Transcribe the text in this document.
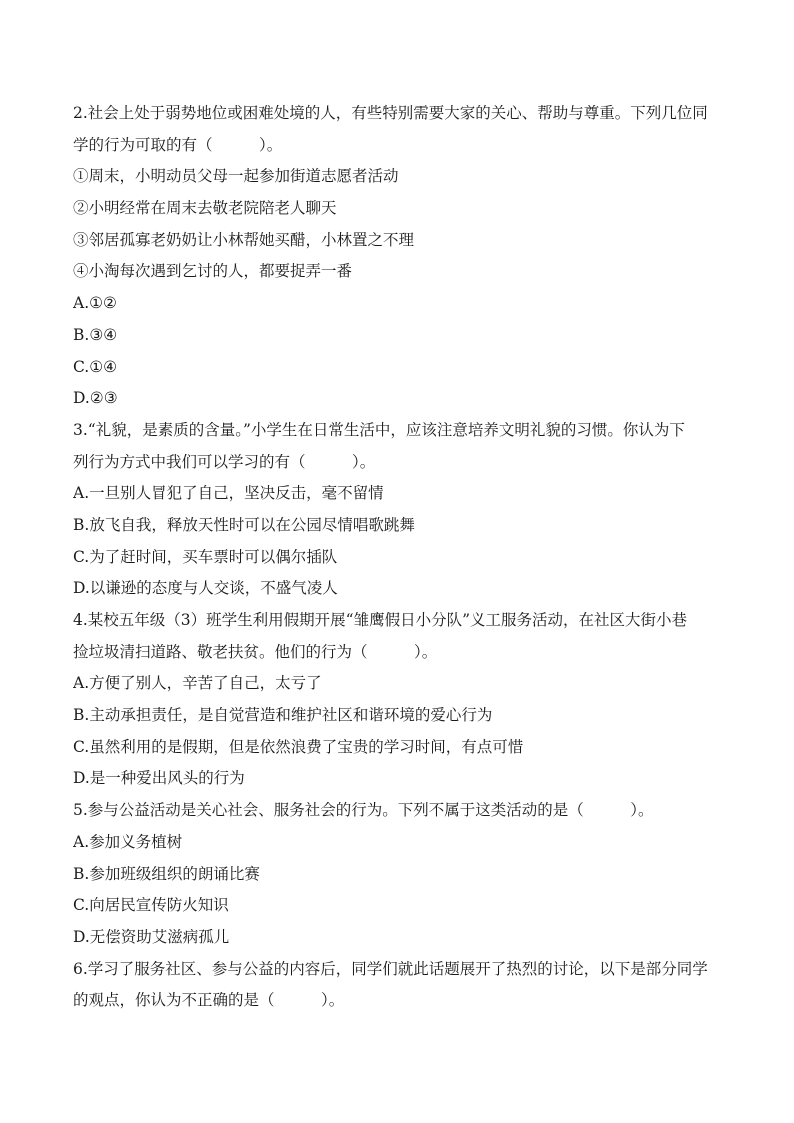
2.社会上处于弱势地位或困难处境的人，有些特别需要大家的关心、帮助与尊重。下列几位同
学的行为可取的有（　　　）。
①周末，小明动员父母一起参加街道志愿者活动
②小明经常在周末去敬老院陪老人聊天
③邻居孤寡老奶奶让小林帮她买醋，小林置之不理
④小淘每次遇到乞讨的人，都要捉弄一番
A.①②
B.③④
C.①④
D.②③
3.“礼貌，是素质的含量。”小学生在日常生活中，应该注意培养文明礼貌的习惯。你认为下
列行为方式中我们可以学习的有（　　　）。
A.一旦别人冒犯了自己，坚决反击，毫不留情
B.放飞自我，释放天性时可以在公园尽情唱歌跳舞
C.为了赶时间，买车票时可以偶尔插队
D.以谦逊的态度与人交谈，不盛气凌人
4.某校五年级（3）班学生利用假期开展“雏鹰假日小分队”义工服务活动，在社区大街小巷
捡垃圾清扫道路、敬老扶贫。他们的行为（　　　）。
A.方便了别人，辛苦了自己，太亏了
B.主动承担责任，是自觉营造和维护社区和谐环境的爱心行为
C.虽然利用的是假期，但是依然浪费了宝贵的学习时间，有点可惜
D.是一种爱出风头的行为
5.参与公益活动是关心社会、服务社会的行为。下列不属于这类活动的是（　　　）。
A.参加义务植树
B.参加班级组织的朗诵比赛
C.向居民宣传防火知识
D.无偿资助艾滋病孤儿
6.学习了服务社区、参与公益的内容后，同学们就此话题展开了热烈的讨论，以下是部分同学
的观点，你认为不正确的是（　　　）。
